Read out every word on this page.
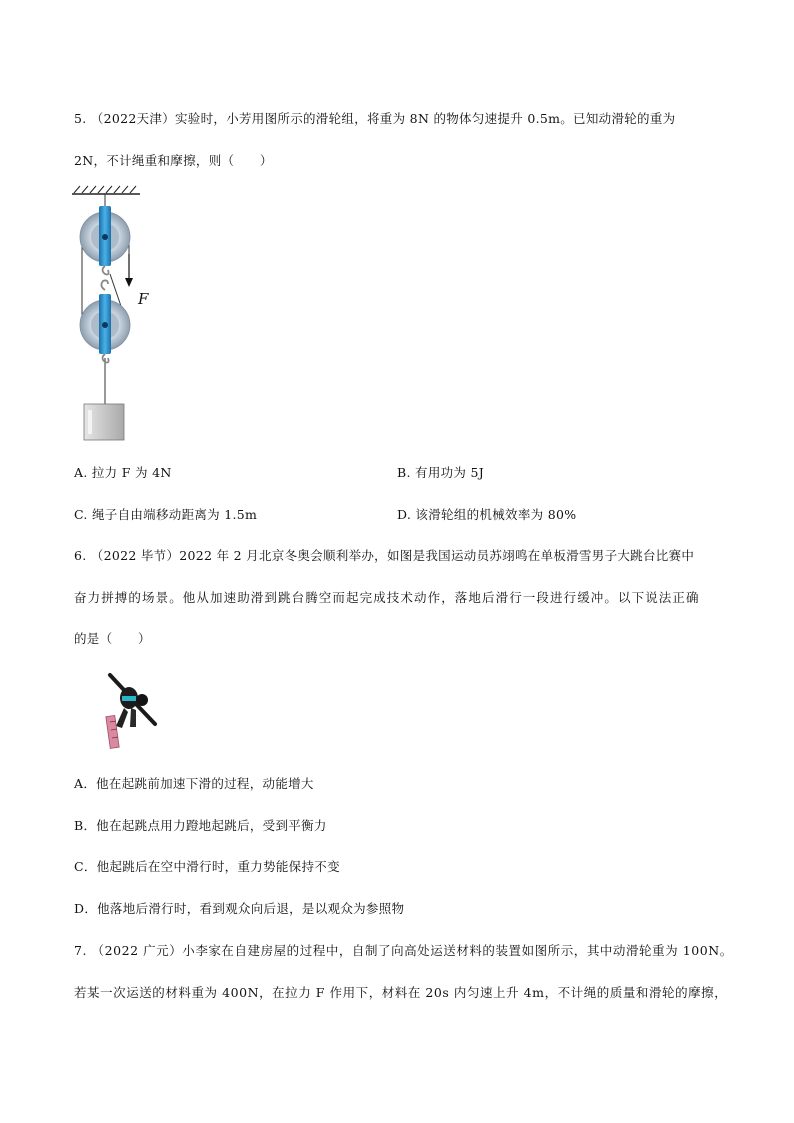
5. （2022天津）实验时，小芳用图所示的滑轮组，将重为 8N 的物体匀速提升 0.5m。已知动滑轮的重为
2N，不计绳重和摩擦，则（　　）
F
A. 拉力 F 为 4N	B. 有用功为 5J
C. 绳子自由端移动距离为 1.5m	D. 该滑轮组的机械效率为 80%
6. （2022 毕节）2022 年 2 月北京冬奥会顺利举办，如图是我国运动员苏翊鸣在单板滑雪男子大跳台比赛中
奋力拼搏的场景。他从加速助滑到跳台腾空而起完成技术动作，落地后滑行一段进行缓冲。以下说法正确
的是（　　）
A．他在起跳前加速下滑的过程，动能增大
B．他在起跳点用力蹬地起跳后，受到平衡力
C．他起跳后在空中滑行时，重力势能保持不变
D．他落地后滑行时，看到观众向后退，是以观众为参照物
7. （2022 广元）小李家在自建房屋的过程中，自制了向高处运送材料的装置如图所示，其中动滑轮重为 100N。
若某一次运送的材料重为 400N，在拉力 F 作用下，材料在 20s 内匀速上升 4m，不计绳的质量和滑轮的摩擦，
